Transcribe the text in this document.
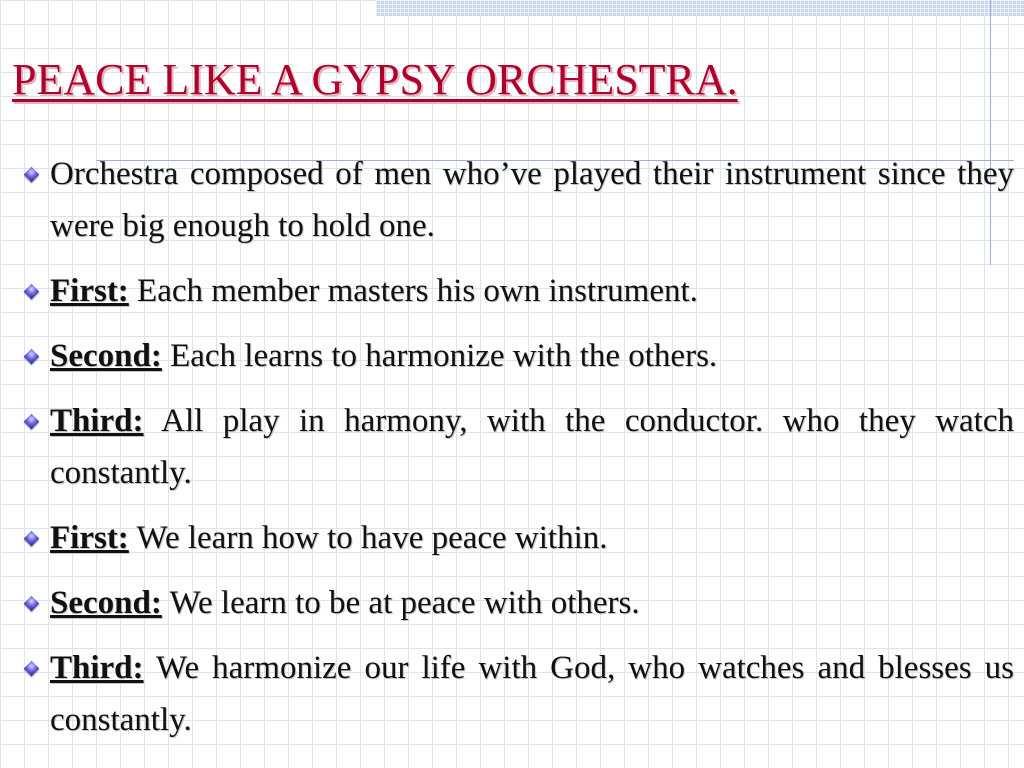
PEACE LIKE A GYPSY ORCHESTRA.
Orchestra composed of men who’ve played their instrument since they were big enough to hold one.
First: Each member masters his own instrument.
Second: Each learns to harmonize with the others.
Third: All play in harmony, with the conductor. who they watch constantly.
First: We learn how to have peace within.
Second: We learn to be at peace with others.
Third: We harmonize our life with God, who watches and blesses us constantly.
